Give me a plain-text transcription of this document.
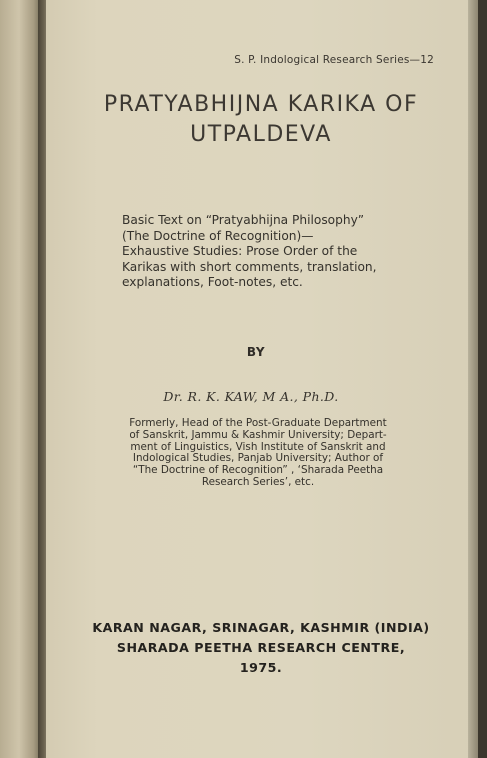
S. P. Indological Research Series—12
PRATYABHIJNA KARIKA OF
UTPALDEVA
Basic Text on “Pratyabhijna Philosophy”
(The Doctrine of Recognition)—
Exhaustive Studies: Prose Order of the
Karikas with short comments, translation,
explanations, Foot-notes, etc.
BY
Dr. R. K. KAW, M A., Ph.D.
Formerly, Head of the Post-Graduate Department
of Sanskrit, Jammu & Kashmir University; Depart-
ment of Linguistics, Vish Institute of Sanskrit and
Indological Studies, Panjab University; Author of
“The Doctrine of Recognition” , ‘Sharada Peetha
Research Series’, etc.
KARAN NAGAR, SRINAGAR, KASHMIR (INDIA)
SHARADA PEETHA RESEARCH CENTRE,
1975.
